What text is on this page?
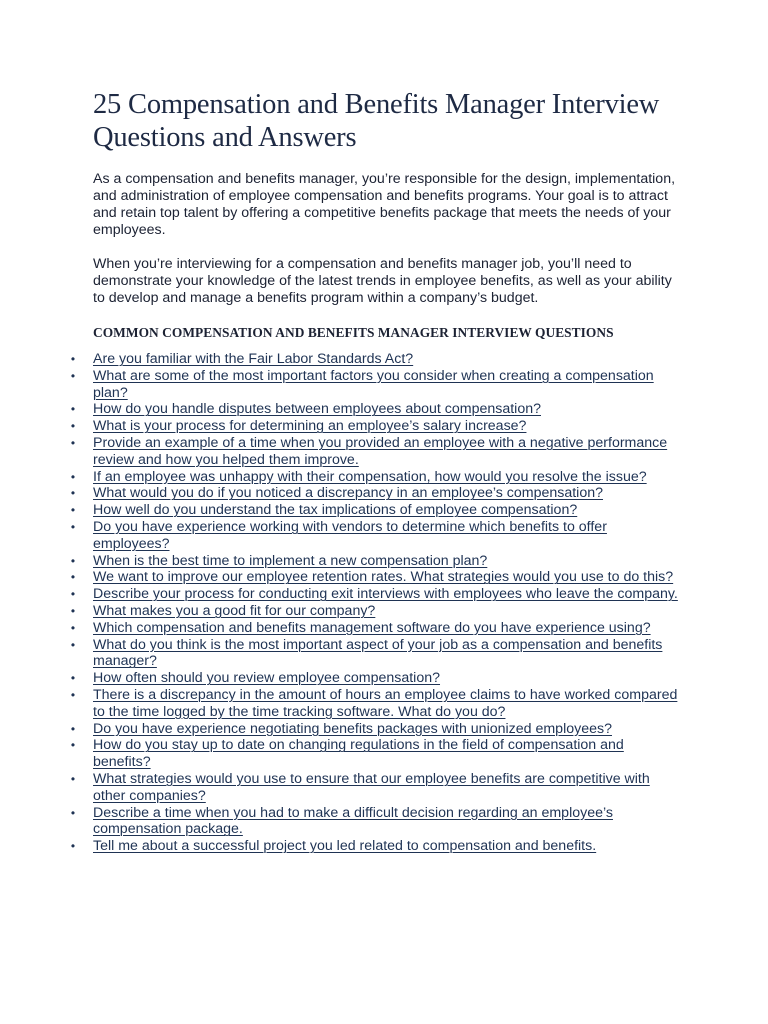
25 Compensation and Benefits Manager Interview Questions and Answers

As a compensation and benefits manager, you’re responsible for the design, implementation, and administration of employee compensation and benefits programs. Your goal is to attract and retain top talent by offering a competitive benefits package that meets the needs of your employees.

When you’re interviewing for a compensation and benefits manager job, you’ll need to demonstrate your knowledge of the latest trends in employee benefits, as well as your ability to develop and manage a benefits program within a company’s budget.

COMMON COMPENSATION AND BENEFITS MANAGER INTERVIEW QUESTIONS
• Are you familiar with the Fair Labor Standards Act?
• What are some of the most important factors you consider when creating a compensation plan?
• How do you handle disputes between employees about compensation?
• What is your process for determining an employee’s salary increase?
• Provide an example of a time when you provided an employee with a negative performance review and how you helped them improve.
• If an employee was unhappy with their compensation, how would you resolve the issue?
• What would you do if you noticed a discrepancy in an employee’s compensation?
• How well do you understand the tax implications of employee compensation?
• Do you have experience working with vendors to determine which benefits to offer employees?
• When is the best time to implement a new compensation plan?
• We want to improve our employee retention rates. What strategies would you use to do this?
• Describe your process for conducting exit interviews with employees who leave the company.
• What makes you a good fit for our company?
• Which compensation and benefits management software do you have experience using?
• What do you think is the most important aspect of your job as a compensation and benefits manager?
• How often should you review employee compensation?
• There is a discrepancy in the amount of hours an employee claims to have worked compared to the time logged by the time tracking software. What do you do?
• Do you have experience negotiating benefits packages with unionized employees?
• How do you stay up to date on changing regulations in the field of compensation and benefits?
• What strategies would you use to ensure that our employee benefits are competitive with other companies?
• Describe a time when you had to make a difficult decision regarding an employee’s compensation package.
• Tell me about a successful project you led related to compensation and benefits.
